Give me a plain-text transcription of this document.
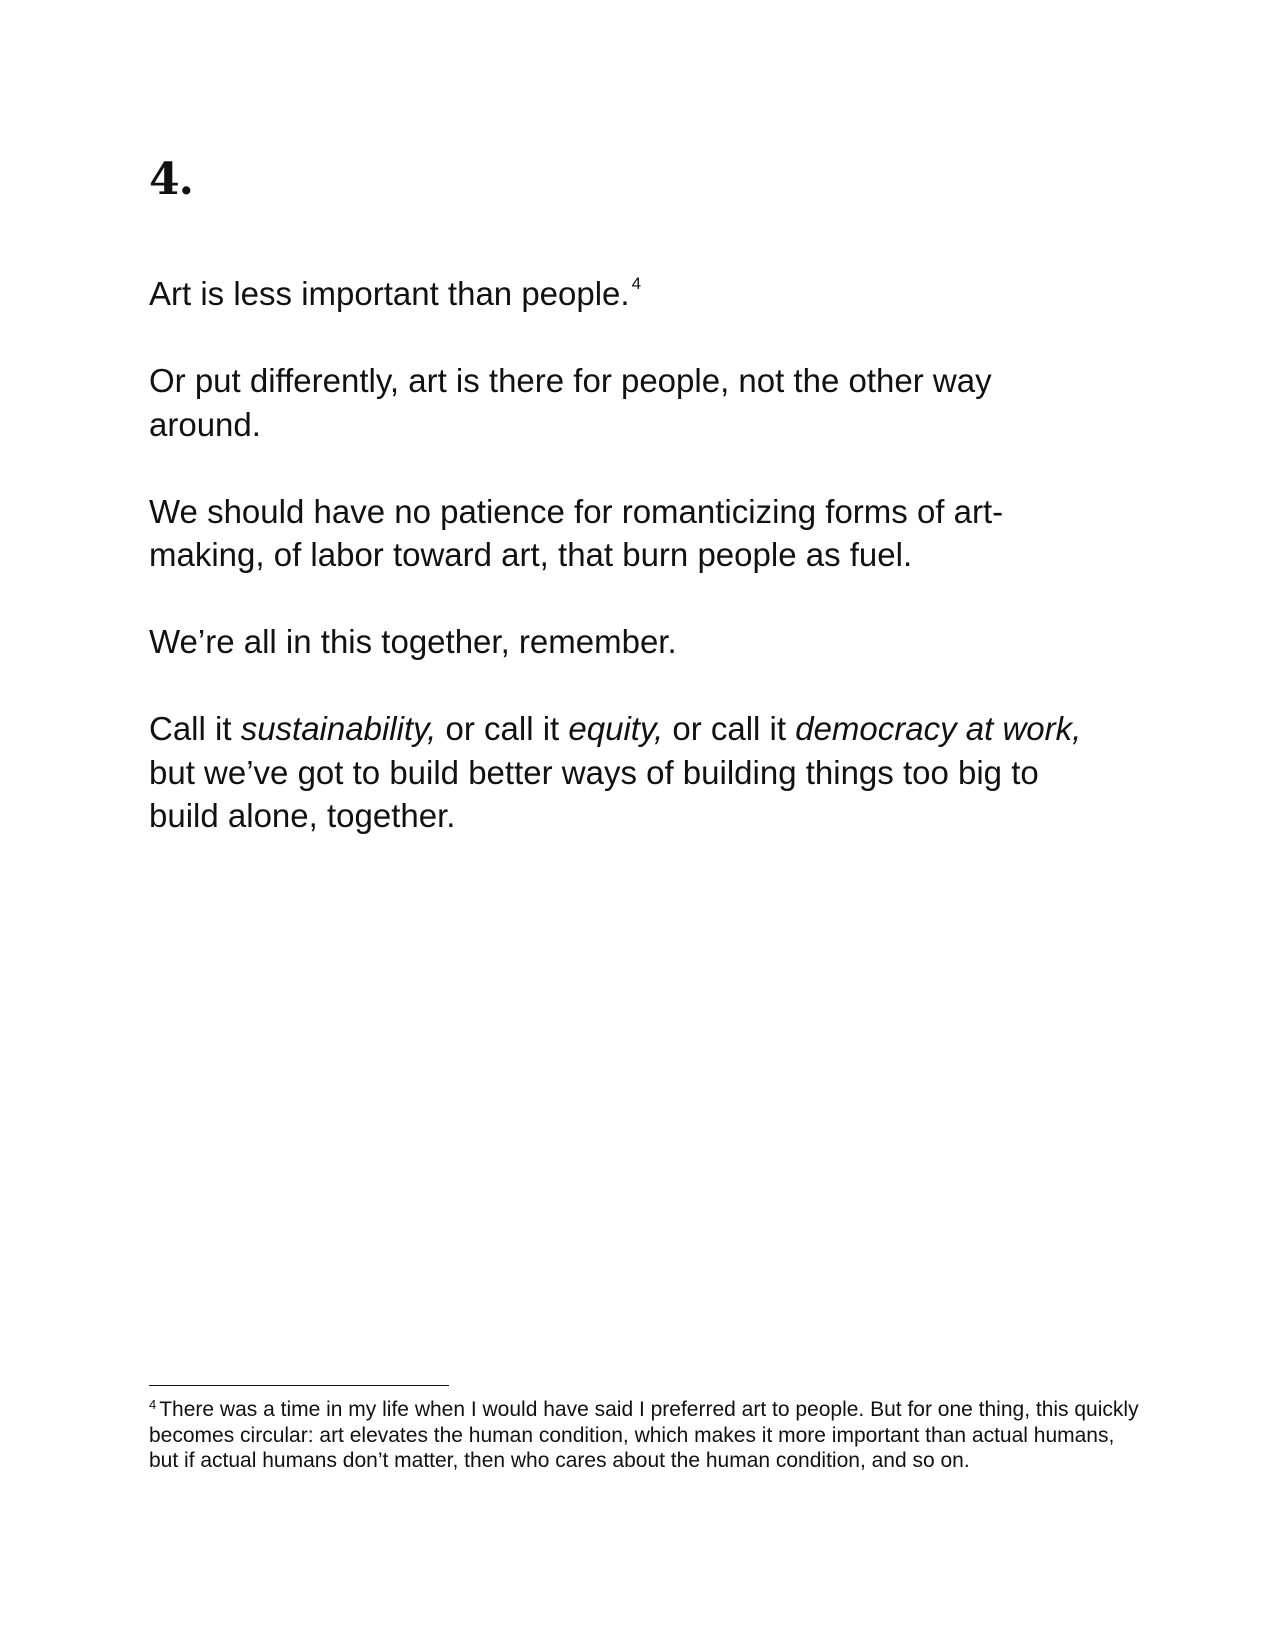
4.

Art is less important than people. $^4$

Or put differently, art is there for people, not the other way around.

We should have no patience for romanticizing forms of art-making, of labor toward art, that burn people as fuel.

We’re all in this together, remember.

Call it sustainability, or call it equity, or call it democracy at work, but we’ve got to build better ways of building things too big to build alone, together.

$^4$ There was a time in my life when I would have said I preferred art to people. But for one thing, this quickly becomes circular: art elevates the human condition, which makes it more important than actual humans, but if actual humans don’t matter, then who cares about the human condition, and so on.
